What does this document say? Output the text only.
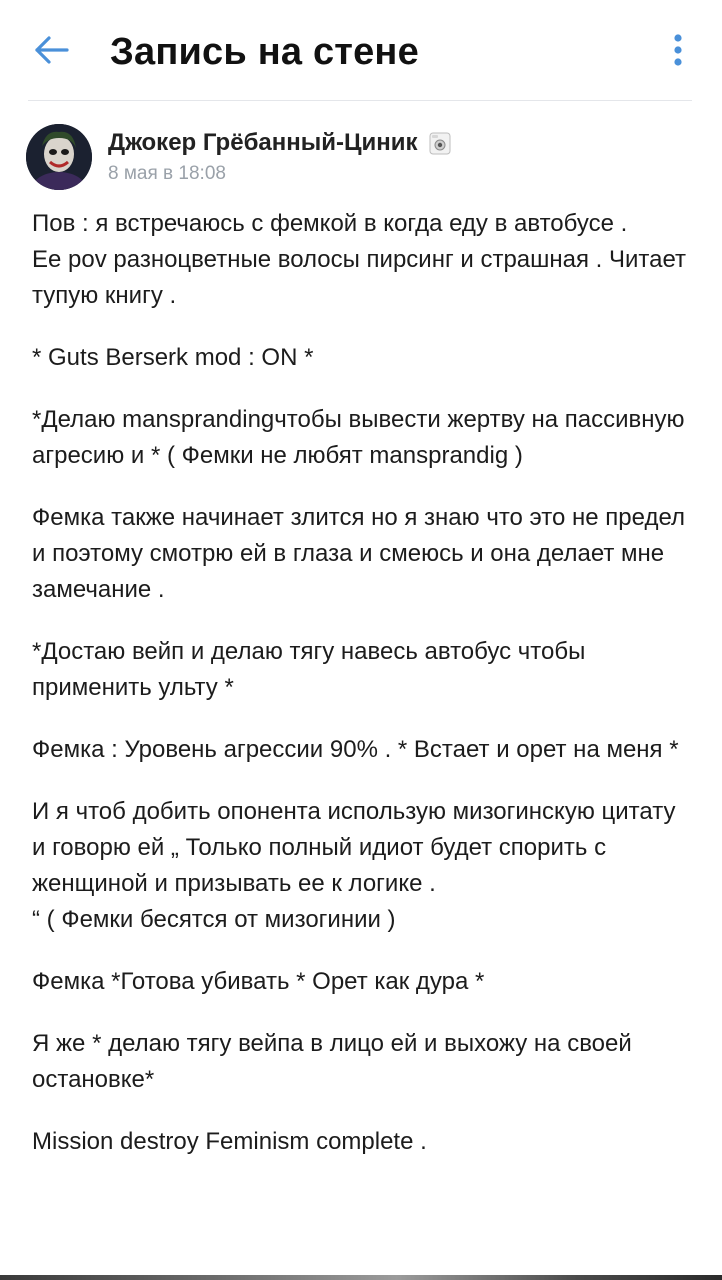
Запись на стене
Джокер Грёбанный-Циник
8 мая в 18:08

Пов : я встречаюсь с фемкой в когда еду в автобусе .
Ее pov разноцветные волосы пирсинг и страшная . Читает тупую книгу .

* Guts Berserk mod : ON *

*Делаю mansprandingчтобы вывести жертву на пассивную агресию и * ( Фемки не любят mansprandig )

Фемка также начинает злится но я знаю что это не предел и поэтому смотрю ей в глаза и смеюсь и она делает мне замечание .

*Достаю вейп и делаю тягу навесь автобус чтобы применить ульту *

Фемка : Уровень агрессии 90% . * Встает и орет на меня *

И я чтоб добить опонента использую мизогинскую цитату и говорю ей „ Только полный идиот будет спорить с женщиной и призывать ее к логике .
“ ( Фемки бесятся от мизогинии )

Фемка *Готова убивать * Орет как дура *

Я же * делаю тягу вейпа в лицо ей и выхожу на своей остановке*

Mission destroy Feminism complete .
